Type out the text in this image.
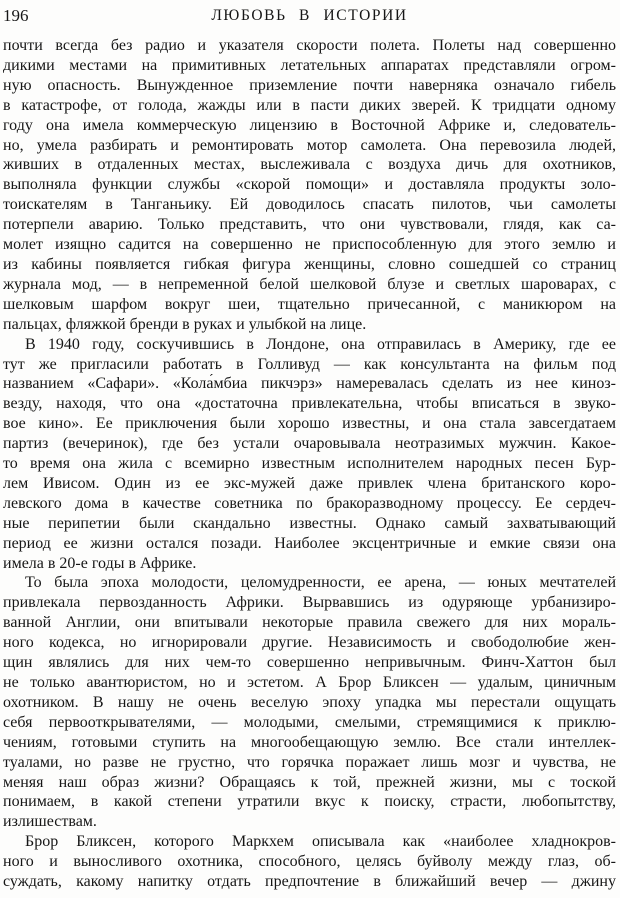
196	ЛЮБОВЬ В ИСТОРИИ
почти всегда без радио и указателя скорости полета. Полеты над совершенно
дикими местами на примитивных летательных аппаратах представляли огром-
ную опасность. Вынужденное приземление почти наверняка означало гибель
в катастрофе, от голода, жажды или в пасти диких зверей. К тридцати одному
году она имела коммерческую лицензию в Восточной Африке и, следователь-
но, умела разбирать и ремонтировать мотор самолета. Она перевозила людей,
живших в отдаленных местах, выслеживала с воздуха дичь для охотников,
выполняла функции службы «скорой помощи» и доставляла продукты золо-
тоискателям в Танганьику. Ей доводилось спасать пилотов, чьи самолеты
потерпели аварию. Только представить, что они чувствовали, глядя, как са-
молет изящно садится на совершенно не приспособленную для этого землю и
из кабины появляется гибкая фигура женщины, словно сошедшей со страниц
журнала мод, — в непременной белой шелковой блузе и светлых шароварах, с
шелковым шарфом вокруг шеи, тщательно причесанной, с маникюром на
пальцах, фляжкой бренди в руках и улыбкой на лице.
В 1940 году, соскучившись в Лондоне, она отправилась в Америку, где ее
тут же пригласили работать в Голливуд — как консультанта на фильм под
названием «Сафари». «Кола́мбиа пикчэрз» намеревалась сделать из нее киноз-
везду, находя, что она «достаточна привлекательна, чтобы вписаться в звуко-
вое кино». Ее приключения были хорошо известны, и она стала завсегдатаем
партиз (вечеринок), где без устали очаровывала неотразимых мужчин. Какое-
то время она жила с всемирно известным исполнителем народных песен Бур-
лем Ивисом. Один из ее экс-мужей даже привлек члена британского коро-
левского дома в качестве советника по бракоразводному процессу. Ее сердеч-
ные перипетии были скандально известны. Однако самый захватывающий
период ее жизни остался позади. Наиболее эксцентричные и емкие связи она
имела в 20-е годы в Африке.
То была эпоха молодости, целомудренности, ее арена, — юных мечтателей
привлекала первозданность Африки. Вырвавшись из одуряюще урбанизиро-
ванной Англии, они впитывали некоторые правила свежего для них мораль-
ного кодекса, но игнорировали другие. Независимость и свободолюбие жен-
щин являлись для них чем-то совершенно непривычным. Финч-Хаттон был
не только авантюристом, но и эстетом. А Брор Бликсен — удалым, циничным
охотником. В нашу не очень веселую эпоху упадка мы перестали ощущать
себя первооткрывателями, — молодыми, смелыми, стремящимися к приклю-
чениям, готовыми ступить на многообещающую землю. Все стали интеллек-
туалами, но разве не грустно, что горячка поражает лишь мозг и чувства, не
меняя наш образ жизни? Обращаясь к той, прежней жизни, мы с тоской
понимаем, в какой степени утратили вкус к поиску, страсти, любопытству,
излишествам.
Брор Бликсен, которого Маркхем описывала как «наиболее хладнокров-
ного и выносливого охотника, способного, целясь буйволу между глаз, об-
суждать, какому напитку отдать предпочтение в ближайший вечер — джину
